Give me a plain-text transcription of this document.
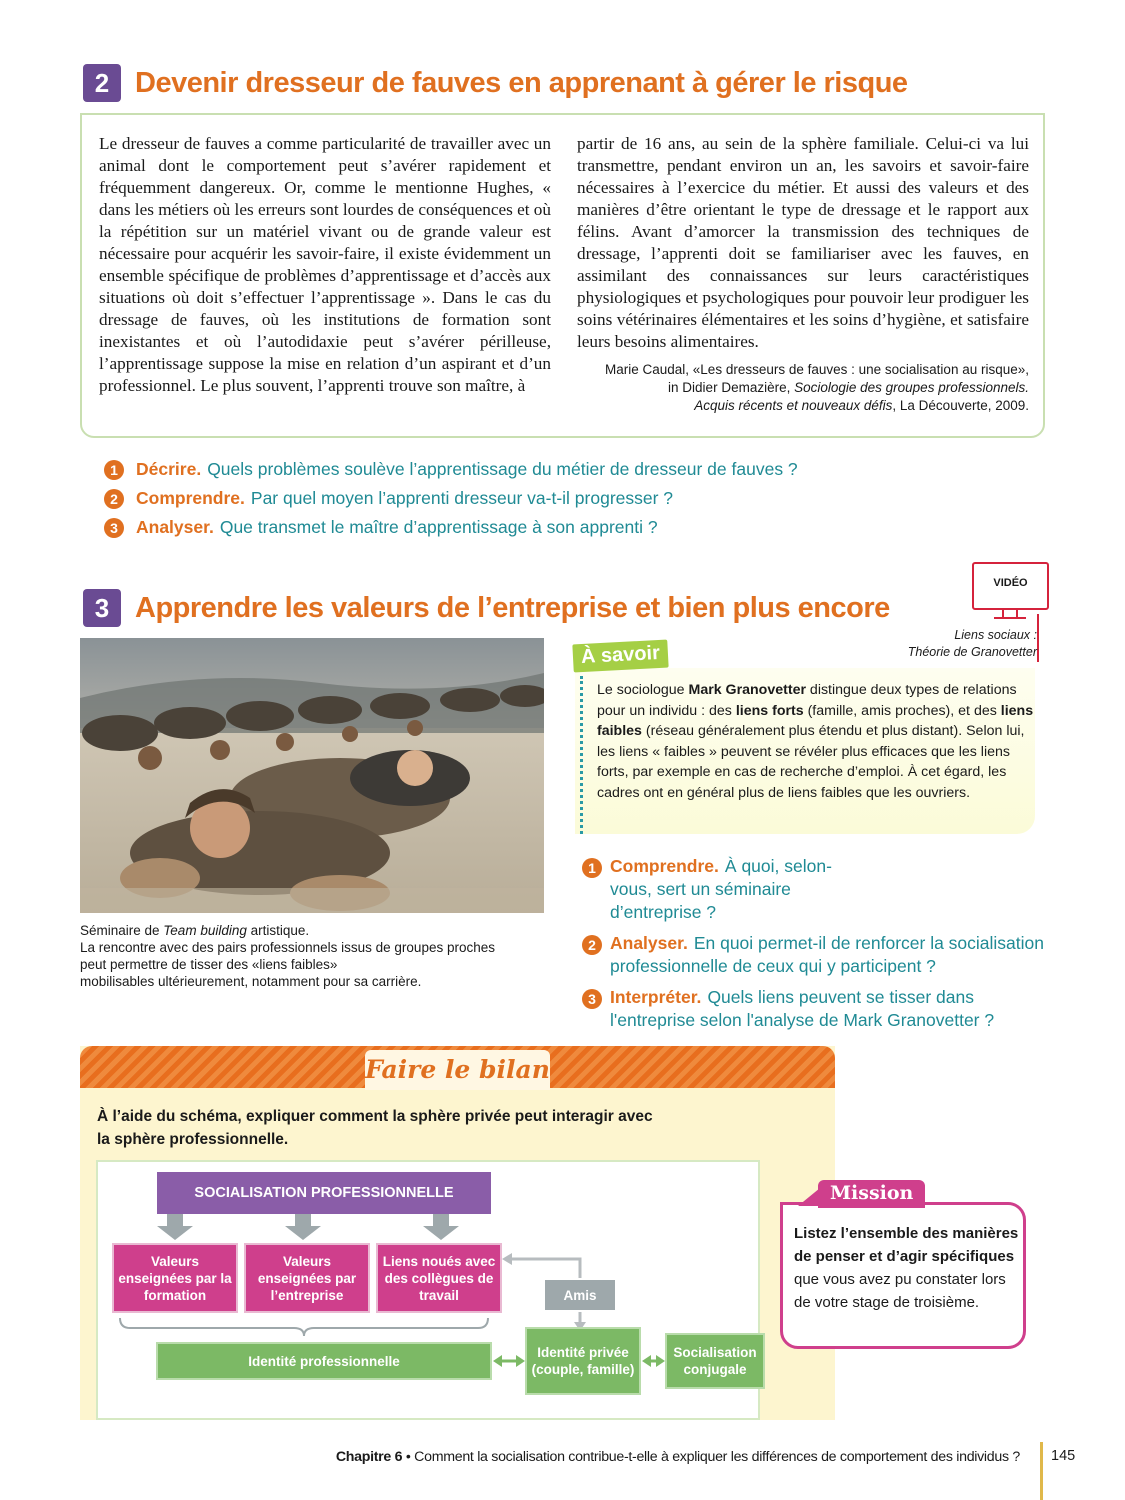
2 Devenir dresseur de fauves en apprenant à gérer le risque

Le dresseur de fauves a comme particularité de travailler avec un animal dont le comportement peut s’avérer rapidement et fréquemment dangereux. Or, comme le mentionne Hughes, « dans les métiers où les erreurs sont lourdes de conséquences et où la répétition sur un matériel vivant ou de grande valeur est nécessaire pour acquérir les savoir-faire, il existe évidemment un ensemble spécifique de problèmes d’apprentissage et d’accès aux situations où doit s’effectuer l’apprentissage ». Dans le cas du dressage de fauves, où les institutions de formation sont inexistantes et où l’autodidaxie peut s’avérer périlleuse, l’apprentissage suppose la mise en relation d’un aspirant et d’un professionnel. Le plus souvent, l’apprenti trouve son maître, à

partir de 16 ans, au sein de la sphère familiale. Celui-ci va lui transmettre, pendant environ un an, les savoirs et savoir-faire nécessaires à l’exercice du métier. Et aussi des valeurs et des manières d’être orientant le type de dressage et le rapport aux félins. Avant d’amorcer la transmission des techniques de dressage, l’apprenti doit se familiariser avec les fauves, en assimilant des connaissances sur leurs caractéristiques physiologiques et psychologiques pour pouvoir leur prodiguer les soins vétérinaires élémentaires et les soins d’hygiène, et satisfaire leurs besoins alimentaires.

Marie Caudal, «Les dresseurs de fauves : une socialisation au risque»,
in Didier Demazière, Sociologie des groupes professionnels.
Acquis récents et nouveaux défis, La Découverte, 2009.
1	Décrire. Quels problèmes soulève l’apprentissage du métier de dresseur de fauves ?
2	Comprendre. Par quel moyen l’apprenti dresseur va-t-il progresser ?
3	Analyser. Que transmet le maître d’apprentissage à son apprenti ?
3 Apprendre les valeurs de l’entreprise et bien plus encore
VIDÉO
Liens sociaux :
Théorie de Granovetter
Séminaire de Team building artistique.
La rencontre avec des pairs professionnels issus de groupes proches
peut permettre de tisser des «liens faibles»
mobilisables ultérieurement, notamment pour sa carrière.
À savoir

Le sociologue Mark Granovetter distingue deux types de relations pour un individu : des liens forts (famille, amis proches), et des liens faibles (réseau généralement plus étendu et plus distant). Selon lui, les liens « faibles » peuvent se révéler plus efficaces que les liens forts, par exemple en cas de recherche d’emploi. À cet égard, les cadres ont en général plus de liens faibles que les ouvriers.

1 Comprendre. À quoi, selon-vous, sert un séminaire d’entreprise ?
2 Analyser. En quoi permet-il de renforcer la socialisation professionnelle de ceux qui y participent ?
3 Interpréter. Quels liens peuvent se tisser dans l'entreprise selon l'analyse de Mark Granovetter ?
Faire le bilan
À l’aide du schéma, expliquer comment la sphère privée peut interagir avec la sphère professionnelle.
SOCIALISATION PROFESSIONNELLE
Valeurs enseignées par la formation
Valeurs enseignées par l’entreprise
Liens noués avec des collègues de travail	Amis
Identité professionnelle
Identité privée (couple, famille)
Socialisation conjugale
Mission

Listez l’ensemble des manières de penser et d’agir spécifiques que vous avez pu constater lors de votre stage de troisième.

Chapitre 6 • Comment la socialisation contribue-t-elle à expliquer les différences de comportement des individus ? 145
